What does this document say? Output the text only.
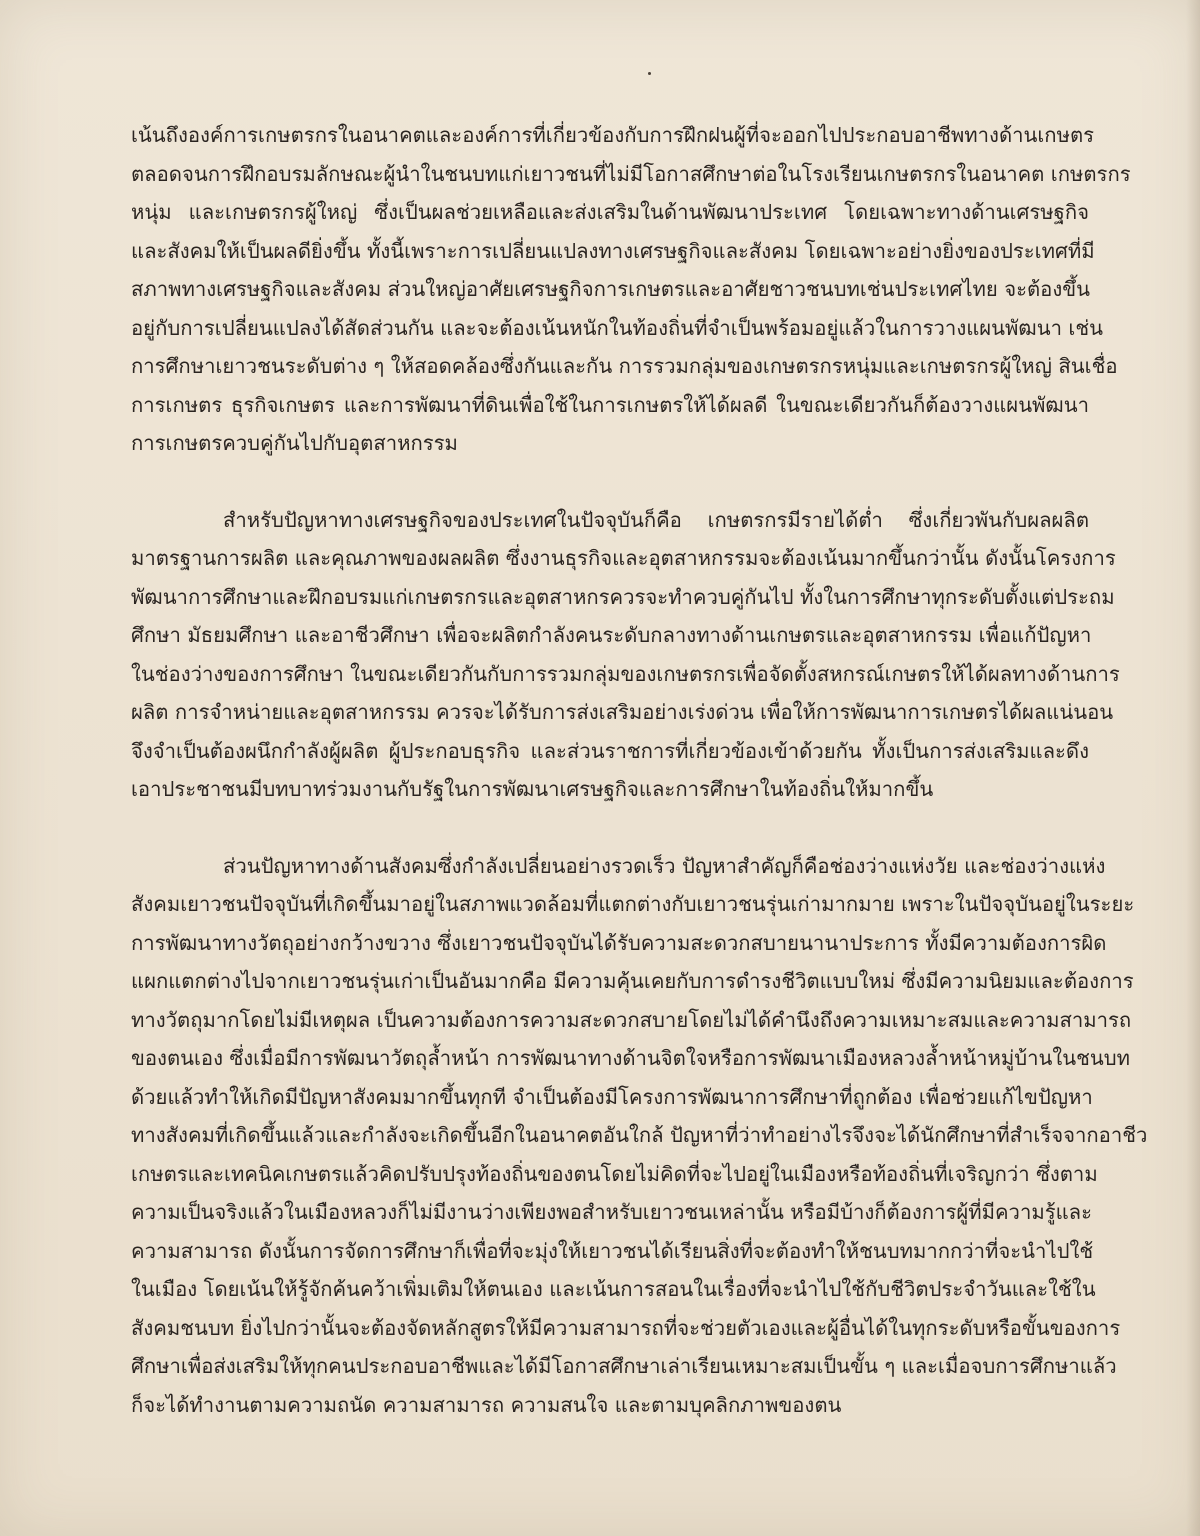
เน้นถึงองค์การเกษตรกรในอนาคตและองค์การที่เกี่ยวข้องกับการฝึกฝนผู้ที่จะออกไปประกอบอาชีพทางด้านเกษตร
ตลอดจนการฝึกอบรมลักษณะผู้นำในชนบทแก่เยาวชนที่ไม่มีโอกาสศึกษาต่อในโรงเรียนเกษตรกรในอนาคต เกษตรกร
หนุ่ม และเกษตรกรผู้ใหญ่ ซึ่งเป็นผลช่วยเหลือและส่งเสริมในด้านพัฒนาประเทศ โดยเฉพาะทางด้านเศรษฐกิจ
และสังคมให้เป็นผลดียิ่งขึ้น ทั้งนี้เพราะการเปลี่ยนแปลงทางเศรษฐกิจและสังคม โดยเฉพาะอย่างยิ่งของประเทศที่มี
สภาพทางเศรษฐกิจและสังคม ส่วนใหญ่อาศัยเศรษฐกิจการเกษตรและอาศัยชาวชนบทเช่นประเทศไทย จะต้องขึ้น
อยู่กับการเปลี่ยนแปลงได้สัดส่วนกัน และจะต้องเน้นหนักในท้องถิ่นที่จำเป็นพร้อมอยู่แล้วในการวางแผนพัฒนา เช่น
การศึกษาเยาวชนระดับต่าง ๆ ให้สอดคล้องซึ่งกันและกัน การรวมกลุ่มของเกษตรกรหนุ่มและเกษตรกรผู้ใหญ่ สินเชื่อ
การเกษตร ธุรกิจเกษตร และการพัฒนาที่ดินเพื่อใช้ในการเกษตรให้ได้ผลดี ในขณะเดียวกันก็ต้องวางแผนพัฒนา
การเกษตรควบคู่กันไปกับอุตสาหกรรม
สำหรับปัญหาทางเศรษฐกิจของประเทศในปัจจุบันก็คือ เกษตรกรมีรายได้ต่ำ ซึ่งเกี่ยวพันกับผลผลิต
มาตรฐานการผลิต และคุณภาพของผลผลิต ซึ่งงานธุรกิจและอุตสาหกรรมจะต้องเน้นมากขึ้นกว่านั้น ดังนั้นโครงการ
พัฒนาการศึกษาและฝึกอบรมแก่เกษตรกรและอุตสาหกรควรจะทำควบคู่กันไป ทั้งในการศึกษาทุกระดับตั้งแต่ประถม
ศึกษา มัธยมศึกษา และอาชีวศึกษา เพื่อจะผลิตกำลังคนระดับกลางทางด้านเกษตรและอุตสาหกรรม เพื่อแก้ปัญหา
ในช่องว่างของการศึกษา ในขณะเดียวกันกับการรวมกลุ่มของเกษตรกรเพื่อจัดตั้งสหกรณ์เกษตรให้ได้ผลทางด้านการ
ผลิต การจำหน่ายและอุตสาหกรรม ควรจะได้รับการส่งเสริมอย่างเร่งด่วน เพื่อให้การพัฒนาการเกษตรได้ผลแน่นอน
จึงจำเป็นต้องผนึกกำลังผู้ผลิต ผู้ประกอบธุรกิจ และส่วนราชการที่เกี่ยวข้องเข้าด้วยกัน ทั้งเป็นการส่งเสริมและดึง
เอาประชาชนมีบทบาทร่วมงานกับรัฐในการพัฒนาเศรษฐกิจและการศึกษาในท้องถิ่นให้มากขึ้น
ส่วนปัญหาทางด้านสังคมซึ่งกำลังเปลี่ยนอย่างรวดเร็ว ปัญหาสำคัญก็คือช่องว่างแห่งวัย และช่องว่างแห่ง
สังคมเยาวชนปัจจุบันที่เกิดขึ้นมาอยู่ในสภาพแวดล้อมที่แตกต่างกับเยาวชนรุ่นเก่ามากมาย เพราะในปัจจุบันอยู่ในระยะ
การพัฒนาทางวัตถุอย่างกว้างขวาง ซึ่งเยาวชนปัจจุบันได้รับความสะดวกสบายนานาประการ ทั้งมีความต้องการผิด
แผกแตกต่างไปจากเยาวชนรุ่นเก่าเป็นอันมากคือ มีความคุ้นเคยกับการดำรงชีวิตแบบใหม่ ซึ่งมีความนิยมและต้องการ
ทางวัตถุมากโดยไม่มีเหตุผล เป็นความต้องการความสะดวกสบายโดยไม่ได้คำนึงถึงความเหมาะสมและความสามารถ
ของตนเอง ซึ่งเมื่อมีการพัฒนาวัตถุล้ำหน้า การพัฒนาทางด้านจิตใจหรือการพัฒนาเมืองหลวงล้ำหน้าหมู่บ้านในชนบท
ด้วยแล้วทำให้เกิดมีปัญหาสังคมมากขึ้นทุกที จำเป็นต้องมีโครงการพัฒนาการศึกษาที่ถูกต้อง เพื่อช่วยแก้ไขปัญหา
ทางสังคมที่เกิดขึ้นแล้วและกำลังจะเกิดขึ้นอีกในอนาคตอันใกล้ ปัญหาที่ว่าทำอย่างไรจึงจะได้นักศึกษาที่สำเร็จจากอาชีว
เกษตรและเทคนิคเกษตรแล้วคิดปรับปรุงท้องถิ่นของตนโดยไม่คิดที่จะไปอยู่ในเมืองหรือท้องถิ่นที่เจริญกว่า ซึ่งตาม
ความเป็นจริงแล้วในเมืองหลวงก็ไม่มีงานว่างเพียงพอสำหรับเยาวชนเหล่านั้น หรือมีบ้างก็ต้องการผู้ที่มีความรู้และ
ความสามารถ ดังนั้นการจัดการศึกษาก็เพื่อที่จะมุ่งให้เยาวชนได้เรียนสิ่งที่จะต้องทำให้ชนบทมากกว่าที่จะนำไปใช้
ในเมือง โดยเน้นให้รู้จักค้นคว้าเพิ่มเติมให้ตนเอง และเน้นการสอนในเรื่องที่จะนำไปใช้กับชีวิตประจำวันและใช้ใน
สังคมชนบท ยิ่งไปกว่านั้นจะต้องจัดหลักสูตรให้มีความสามารถที่จะช่วยตัวเองและผู้อื่นได้ในทุกระดับหรือขั้นของการ
ศึกษาเพื่อส่งเสริมให้ทุกคนประกอบอาชีพและได้มีโอกาสศึกษาเล่าเรียนเหมาะสมเป็นขั้น ๆ และเมื่อจบการศึกษาแล้ว
ก็จะได้ทำงานตามความถนัด ความสามารถ ความสนใจ และตามบุคลิกภาพของตน
